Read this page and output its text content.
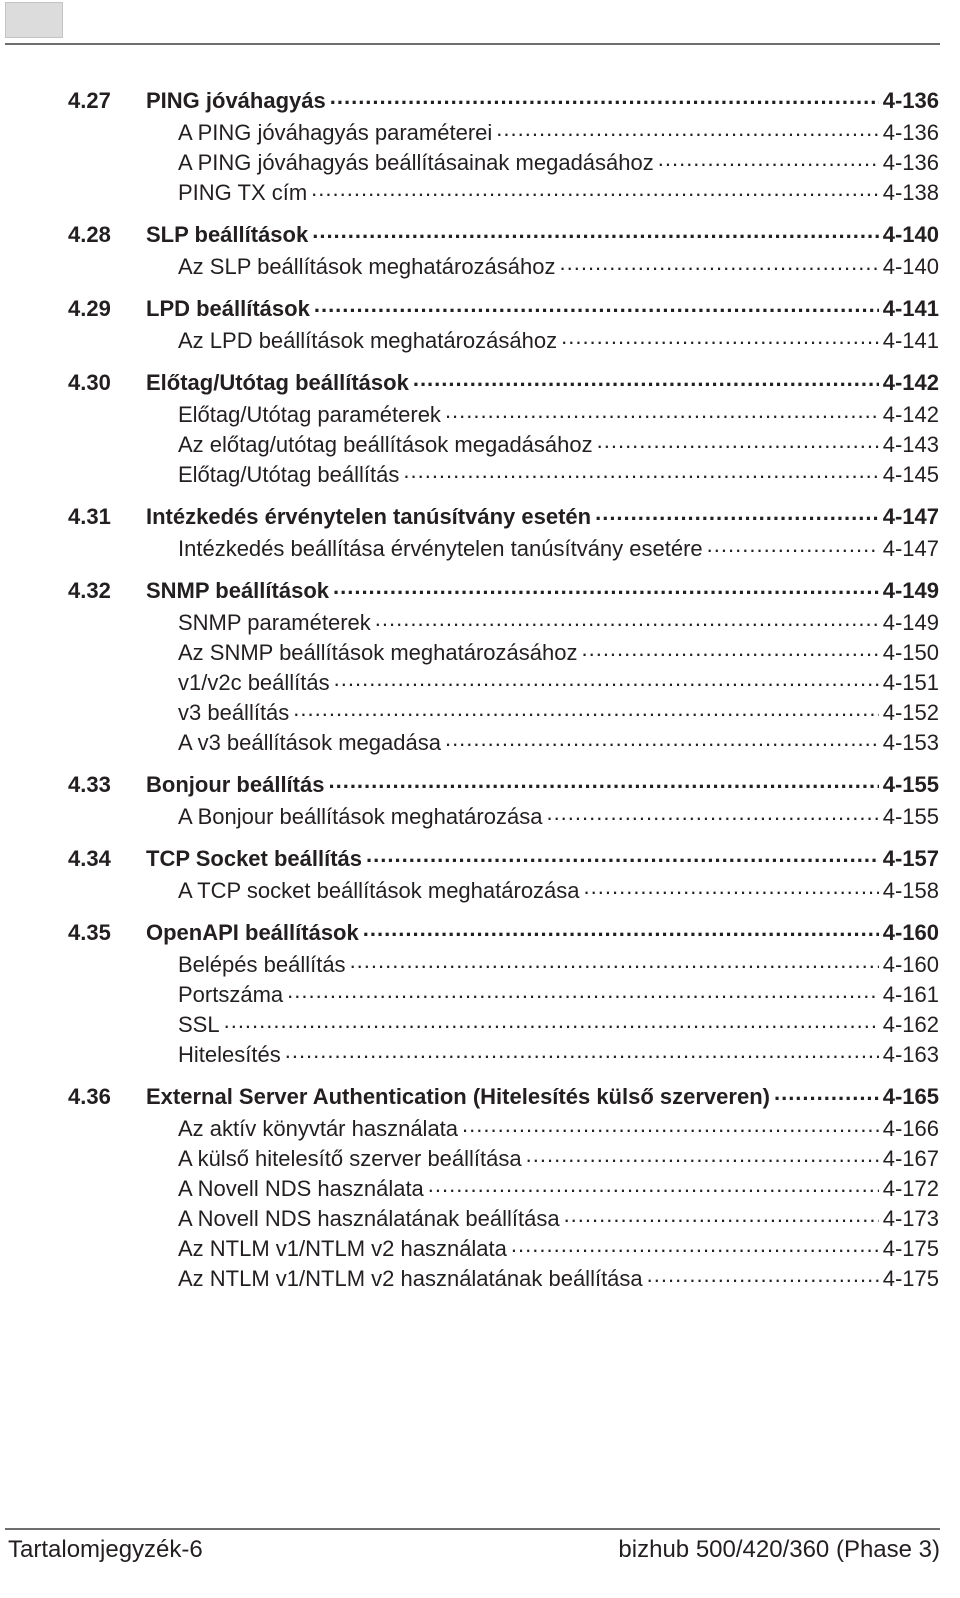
4.27	PING jóváhagyás .....	4-136
A PING jóváhagyás paraméterei .....	4-136
A PING jóváhagyás beállításainak megadásához .....	4-136
PING TX cím .....	4-138
4.28	SLP beállítások .....	4-140
Az SLP beállítások meghatározásához .....	4-140
4.29	LPD beállítások .....	4-141
Az LPD beállítások meghatározásához .....	4-141
4.30	Előtag/Utótag beállítások .....	4-142
Előtag/Utótag paraméterek .....	4-142
Az előtag/utótag beállítások megadásához .....	4-143
Előtag/Utótag beállítás .....	4-145
4.31	Intézkedés érvénytelen tanúsítvány esetén .....	4-147
Intézkedés beállítása érvénytelen tanúsítvány esetére .....	4-147
4.32	SNMP beállítások .....	4-149
SNMP paraméterek .....	4-149
Az SNMP beállítások meghatározásához .....	4-150
v1/v2c beállítás .....	4-151
v3 beállítás .....	4-152
A v3 beállítások megadása .....	4-153
4.33	Bonjour beállítás .....	4-155
A Bonjour beállítások meghatározása .....	4-155
4.34	TCP Socket beállítás .....	4-157
A TCP socket beállítások meghatározása .....	4-158
4.35	OpenAPI beállítások .....	4-160
Belépés beállítás .....	4-160
Portszáma .....	4-161
SSL .....	4-162
Hitelesítés .....	4-163
4.36	External Server Authentication (Hitelesítés külső szerveren) .....	4-165
Az aktív könyvtár használata .....	4-166
A külső hitelesítő szerver beállítása .....	4-167
A Novell NDS használata .....	4-172
A Novell NDS használatának beállítása .....	4-173
Az NTLM v1/NTLM v2 használata .....	4-175
Az NTLM v1/NTLM v2 használatának beállítása .....	4-175
Tartalomjegyzék-6	bizhub 500/420/360 (Phase 3)
